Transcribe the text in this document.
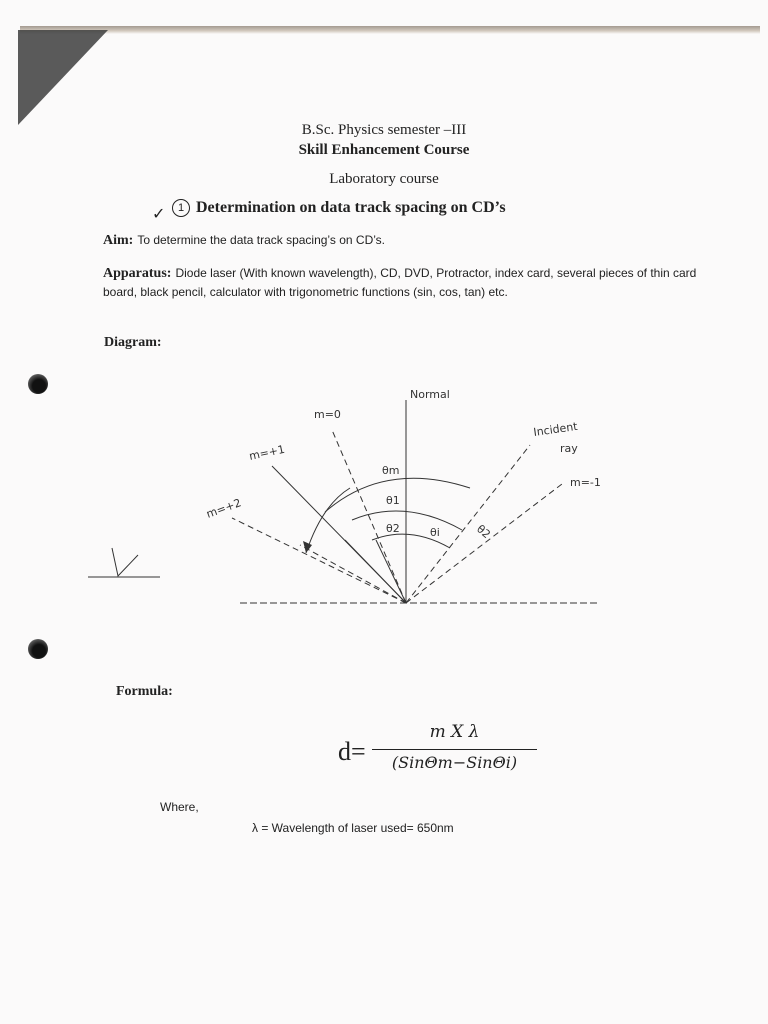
B.Sc. Physics semester –III
Skill Enhancement Course
Laboratory course
✓	1 Determination on data track spacing on CD’s
Aim: To determine the data track spacing’s on CD’s.
Apparatus: Diode laser (With known wavelength), CD, DVD, Protractor, index card, several pieces of thin card board, black pencil, calculator with trigonometric functions (sin, cos, tan) etc.
Diagram:
Normal
m=0
m=+1
m=+2
Incident
ray
m=-1
θm
θ1
θ2	θi	θ2
Formula:
d=
m X λ
(SinΘm−SinΘi)
Where,
λ = Wavelength of laser used= 650nm
